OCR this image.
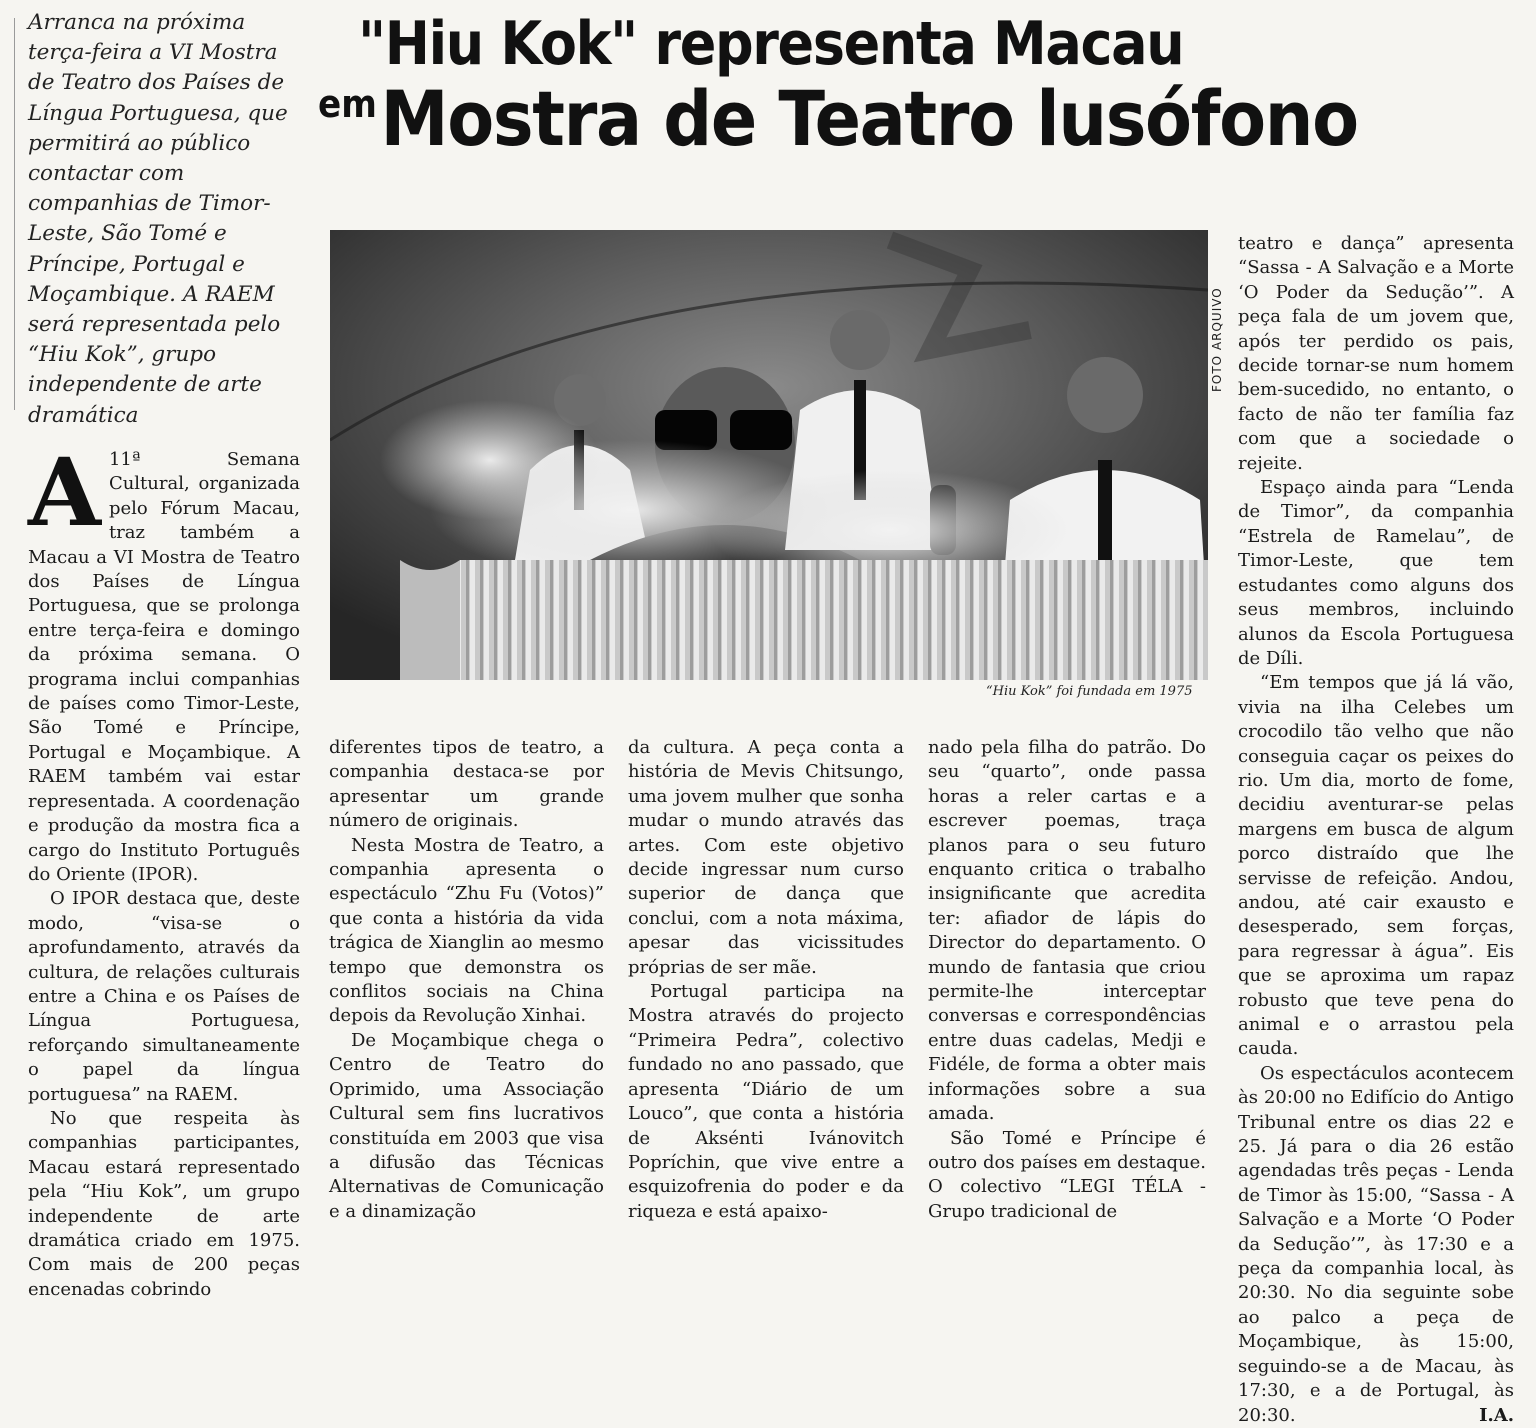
Arranca na próxima terça-feira a VI Mostra de Teatro dos Países de Língua Portuguesa, que permitirá ao público contactar com companhias de Timor-Leste, São Tomé e Príncipe, Portugal e Moçambique. A RAEM será representada pelo “Hiu Kok”, grupo independente de arte dramática
"Hiu Kok" representa Macau
em Mostra de Teatro lusófono
FOTO ARQUIVO
“Hiu Kok” foi fundada em 1975

A 11ª Semana Cultural, organizada pelo Fórum Macau, traz também a Macau a VI Mostra de Teatro dos Países de Língua Portuguesa, que se prolonga entre terça-feira e domingo da próxima semana. O programa inclui companhias de países como Timor-Leste, São Tomé e Príncipe, Portugal e Moçambique. A RAEM também vai estar representada. A coordenação e produção da mostra fica a cargo do Instituto Português do Oriente (IPOR).

O IPOR destaca que, deste modo, “visa-se o aprofundamento, através da cultura, de relações culturais entre a China e os Países de Língua Portuguesa, reforçando simultaneamente o papel da língua portuguesa” na RAEM.

No que respeita às companhias participantes, Macau estará representado pela “Hiu Kok”, um grupo independente de arte dramática criado em 1975. Com mais de 200 peças encenadas cobrindo

diferentes tipos de teatro, a companhia destaca-se por apresentar um grande número de originais.

Nesta Mostra de Teatro, a companhia apresenta o espectáculo “Zhu Fu (Votos)” que conta a história da vida trágica de Xianglin ao mesmo tempo que demonstra os conflitos sociais na China depois da Revolução Xinhai.

De Moçambique chega o Centro de Teatro do Oprimido, uma Associação Cultural sem fins lucrativos constituída em 2003 que visa a difusão das Técnicas Alternativas de Comunicação e a dinamização

da cultura. A peça conta a história de Mevis Chitsungo, uma jovem mulher que sonha mudar o mundo através das artes. Com este objetivo decide ingressar num curso superior de dança que conclui, com a nota máxima, apesar das vicissitudes próprias de ser mãe.

Portugal participa na Mostra através do projecto “Primeira Pedra”, colectivo fundado no ano passado, que apresenta “Diário de um Louco”, que conta a história de Aksénti Ivánovitch Popríchin, que vive entre a esquizofrenia do poder e da riqueza e está apaixo-

nado pela filha do patrão. Do seu “quarto”, onde passa horas a reler cartas e a escrever poemas, traça planos para o seu futuro enquanto critica o trabalho insignificante que acredita ter: afiador de lápis do Director do departamento. O mundo de fantasia que criou permite-lhe interceptar conversas e correspondências entre duas cadelas, Medji e Fidéle, de forma a obter mais informações sobre a sua amada.

São Tomé e Príncipe é outro dos países em destaque. O colectivo “LEGI TÉLA - Grupo tradicional de

teatro e dança” apresenta “Sassa - A Salvação e a Morte ‘O Poder da Sedução’”. A peça fala de um jovem que, após ter perdido os pais, decide tornar-se num homem bem-sucedido, no entanto, o facto de não ter família faz com que a sociedade o rejeite.

Espaço ainda para “Lenda de Timor”, da companhia “Estrela de Ramelau”, de Timor-Leste, que tem estudantes como alguns dos seus membros, incluindo alunos da Escola Portuguesa de Díli.

“Em tempos que já lá vão, vivia na ilha Celebes um crocodilo tão velho que não conseguia caçar os peixes do rio. Um dia, morto de fome, decidiu aventurar-se pelas margens em busca de algum porco distraído que lhe servisse de refeição. Andou, andou, até cair exausto e desesperado, sem forças, para regressar à água”. Eis que se aproxima um rapaz robusto que teve pena do animal e o arrastou pela cauda.

Os espectáculos acontecem às 20:00 no Edifício do Antigo Tribunal entre os dias 22 e 25. Já para o dia 26 estão agendadas três peças - Lenda de Timor às 15:00, “Sassa - A Salvação e a Morte ‘O Poder da Sedução’”, às 17:30 e a peça da companhia local, às 20:30. No dia seguinte sobe ao palco a peça de Moçambique, às 15:00, seguindo-se a de Macau, às 17:30, e a de Portugal, às 20:30.	I.A.
